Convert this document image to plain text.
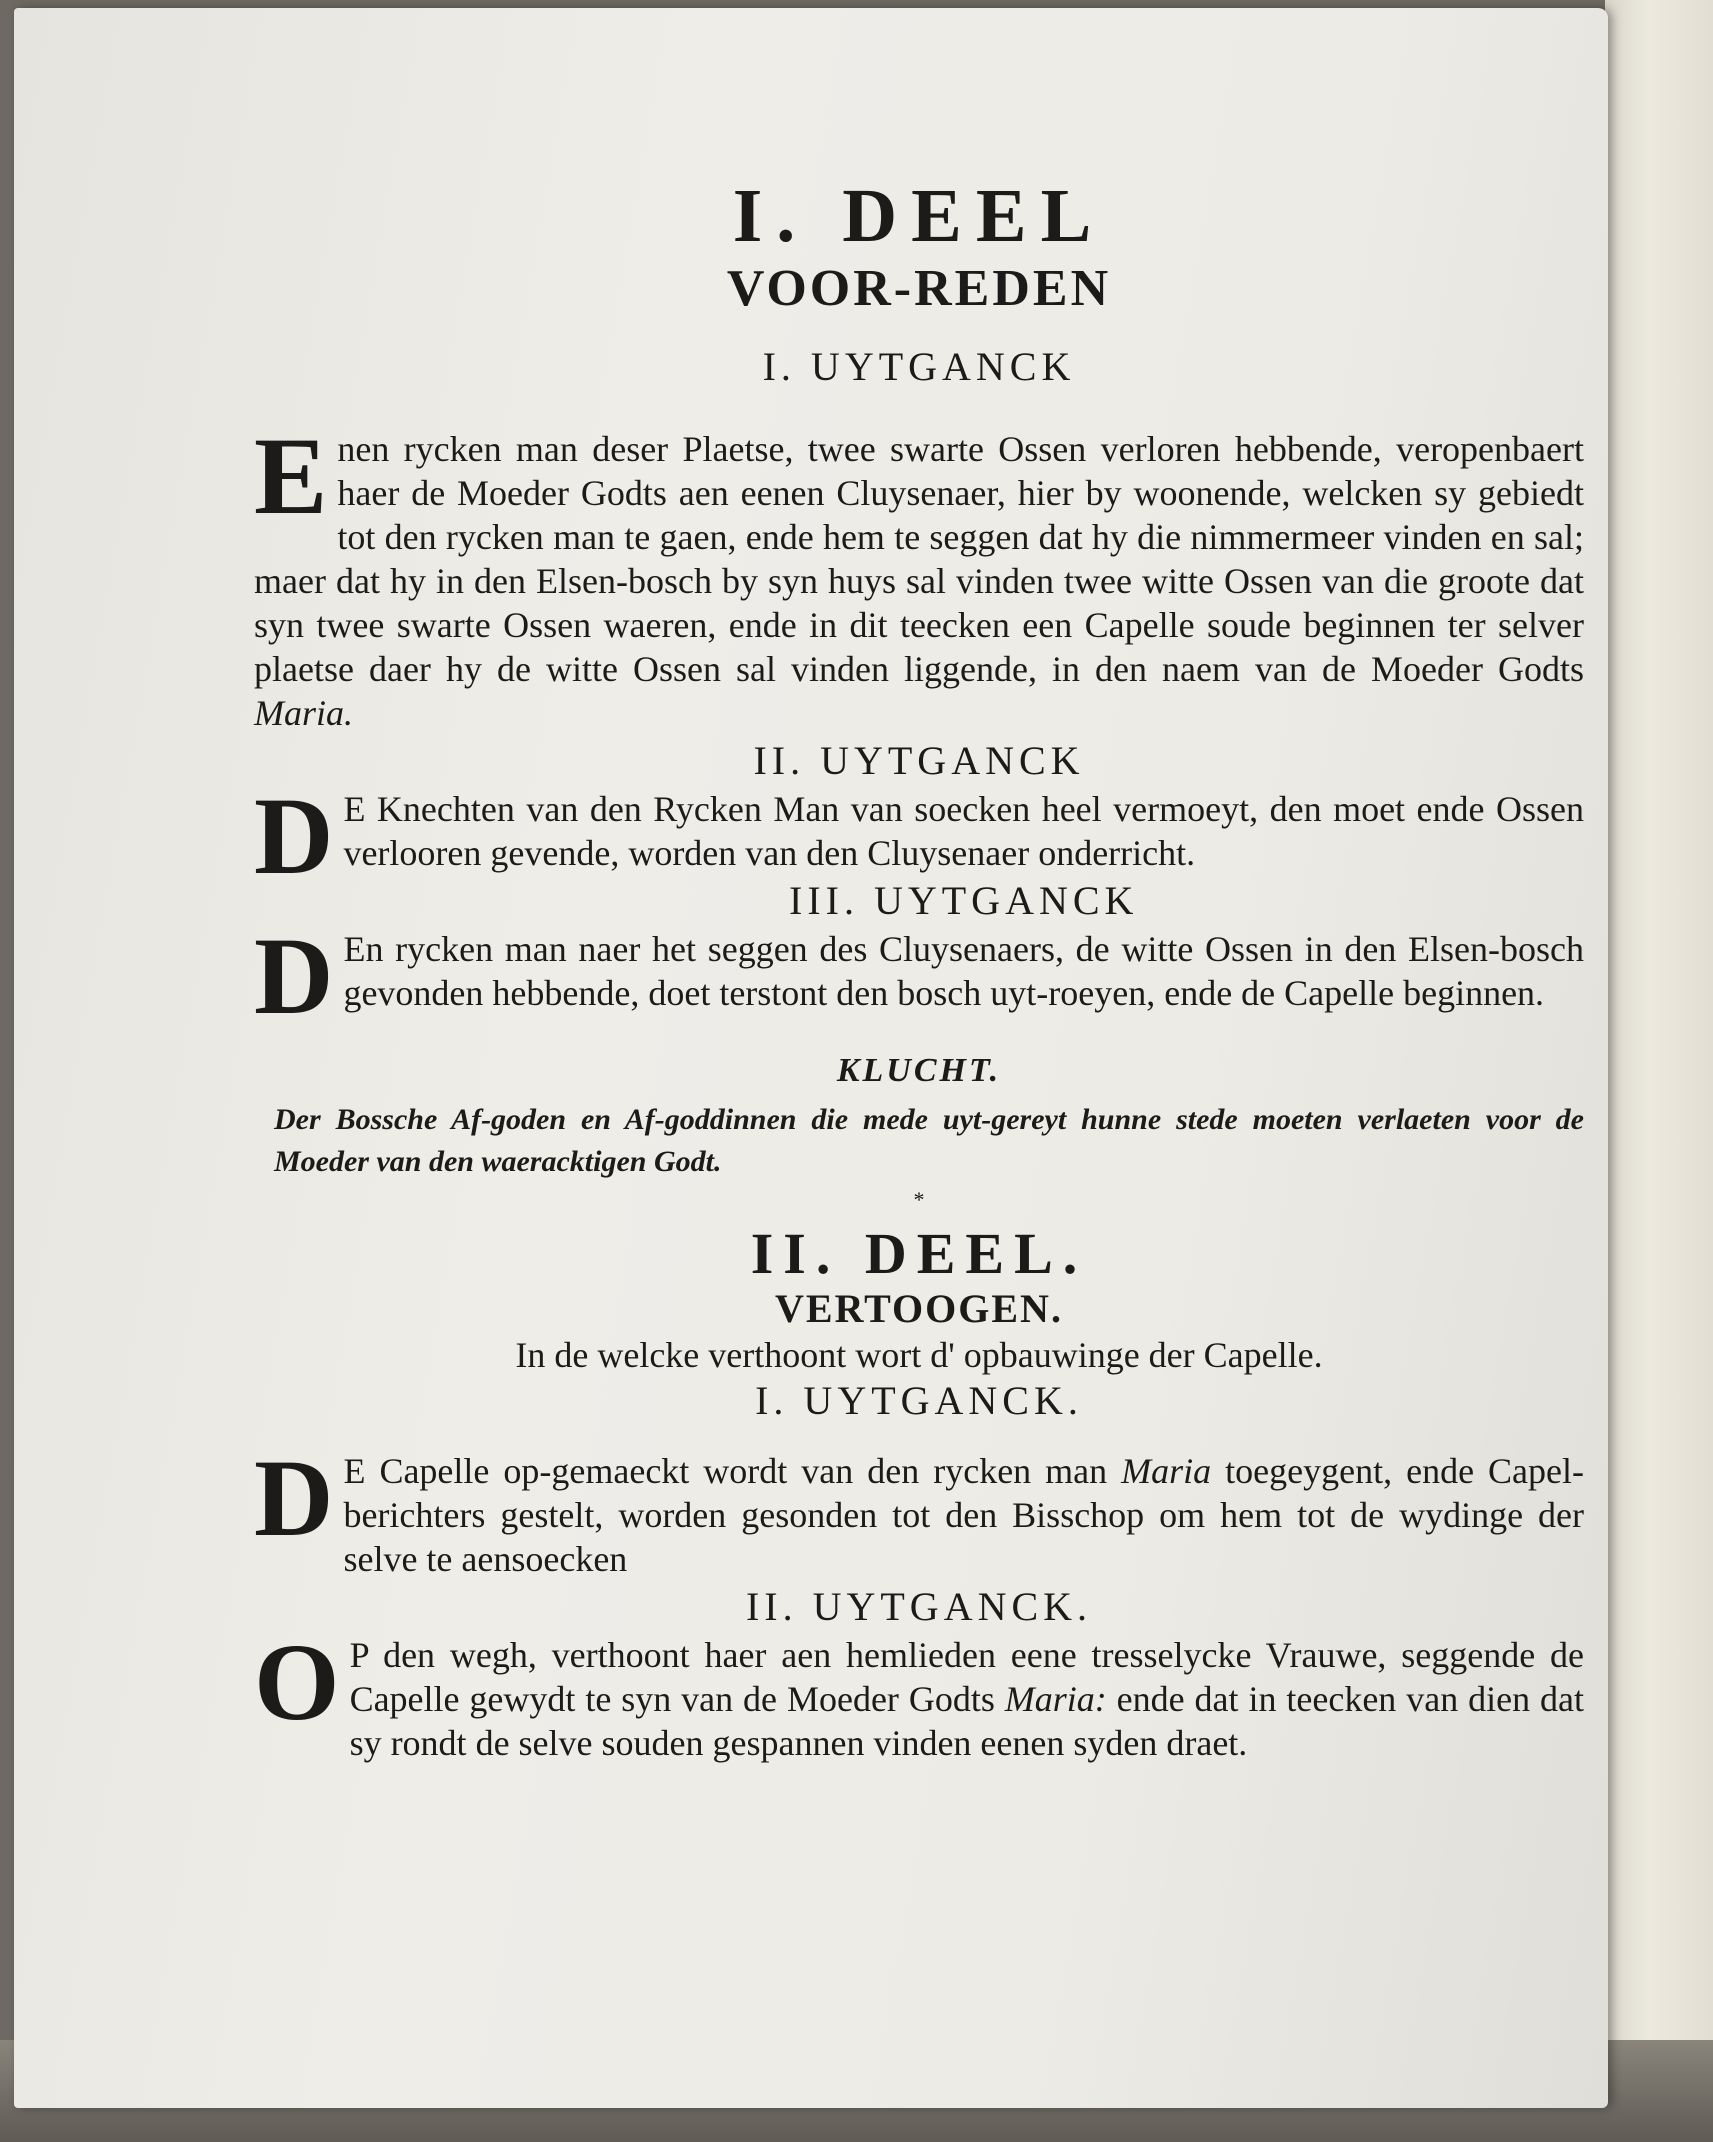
I. DEEL

VOOR-REDEN

I. UYTGANCK

Enen rycken man deser Plaetse, twee swarte Ossen verloren hebbende, veropenbaert haer de Moeder Godts aen eenen Cluysenaer, hier by woonende, welcken sy gebiedt tot den rycken man te gaen, ende hem te seggen dat hy die nimmermeer vinden en sal; maer dat hy in den Elsen-bosch by syn huys sal vinden twee witte Ossen van die groote dat syn twee swarte Ossen waeren, ende in dit teecken een Capelle soude beginnen ter selver plaetse daer hy de witte Ossen sal vinden liggende, in den naem van de Moeder Godts Maria.

II. UYTGANCK

D E Knechten van den Rycken Man van soecken heel vermoeyt, den moet ende Ossen verlooren gevende, worden van den Cluysenaer onderricht.

III. UYTGANCK

D En rycken man naer het seggen des Cluysenaers, de witte Ossen in den Elsen-bosch gevonden hebbende, doet terstont den bosch uyt-roeyen, ende de Capelle beginnen.

KLUCHT.

Der Bossche Af-goden en Af-goddinnen die mede uyt-gereyt hunne stede moeten verlaeten voor de Moeder van den waeracktigen Godt.

*

II. DEEL.

VERTOOGEN.

In de welcke verthoont wort d' opbauwinge der Capelle.

I. UYTGANCK.

D E Capelle op-gemaeckt wordt van den rycken man Maria toegeygent, ende Capel-berichters gestelt, worden gesonden tot den Bisschop om hem tot de wydinge der selve te aensoecken

II. UYTGANCK.

O P den wegh, verthoont haer aen hemlieden eene tresselycke Vrauwe, seggende de Capelle gewydt te syn van de Moeder Godts Maria: ende dat in teecken van dien dat sy rondt de selve souden gespannen vinden eenen syden draet.
